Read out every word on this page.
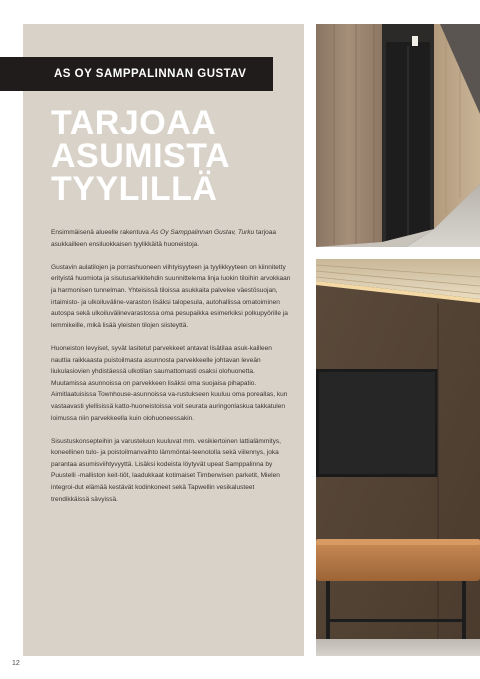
AS OY SAMPPALINNAN GUSTAV
TARJOAA
ASUMISTA
TYYLILLÄ

Ensimmäisenä alueelle rakentuva As Oy Samppalinnan Gustav, Turku tarjoaa asukkailleen ensiluokkaisen tyylikkäitä huoneistoja.

Gustavin aulatilojen ja porrashuoneen viihtyisyyteen ja tyylikkyyteen on kiinnitetty erityistä huomiota ja sisutusarkkitehdin suunnittelema linja luokin tiloihin arvokkaan ja harmonisen tunnelman. Yhteisissä tiloissa asukkaita palvelee väestösuojan, irtaimisto- ja ulkoiluväline-varaston lisäksi talopesula, autohallissa omatoiminen autospa sekä ulkoiluvälinevarastossa oma pesupaikka esimerkiksi polkupyörille ja lemmikeille, mikä lisää yleisten tilojen siisteyttä.

Huoneiston levyiset, syvät lasitetut parvekkeet antavat lisätilaa asuk-kailleen nauttia raikkaasta puistoilmasta asunnosta parvekkeelle johtavan leveän liukulasiovien yhdistäessä ulkotilan saumattomasti osaksi olohuonetta. Muutamissa asunnoissa on parvekkeen lisäksi oma suojaisa pihapatio. Aimitlaatuisissa Townhouse-asunnoissa va-rustukseen kuuluu oma poreallas, kun vastaavasti ylellisissä katto-huoneistoissa voit seurata auringonlaskua takkatulen loimussa niin parvekkeella kuin olohuoneessakin.

Sisustuskonsepteihin ja varusteluun kuuluvat mm. vesikiertoinen lattialämmitys, koneellinen tulo- ja poistoilmanvaihto lämmöntal-teenotolla sekä viilennys, joka parantaa asumisviihtyvyyttä. Lisäksi kodeista löytyvät upeat Samppalinna by Puustelli -malliston keit-tiöt, laadukkaat kotimaiset Timberwisen parketit, Mielen integroi-dut elämää kestävät kodinkoneet sekä Tapwellin vesikalusteet trendikkäissä sävyissä.

12
